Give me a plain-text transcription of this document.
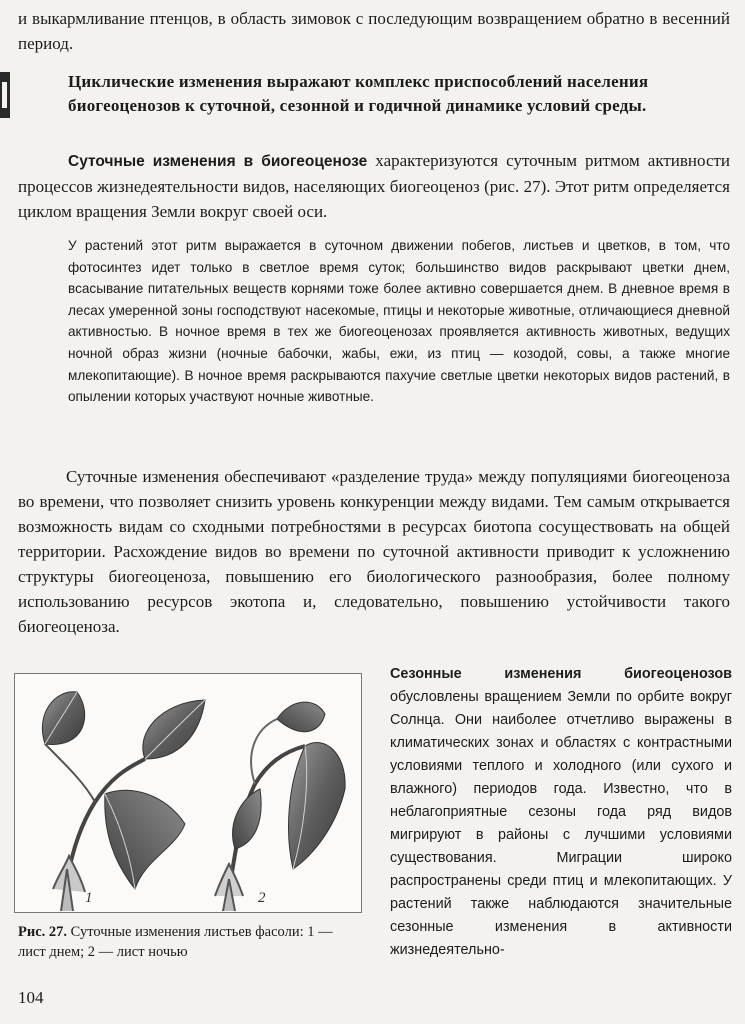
и выкармливание птенцов, в область зимовок с последующим возвращением обратно в весенний период.

Циклические изменения выражают комплекс приспособлений населения биогеоценозов к суточной, сезонной и годичной динамике условий среды.

Суточные изменения в биогеоценозе характеризуются суточным ритмом активности процессов жизнедеятельности видов, населяющих биогеоценоз (рис. 27). Этот ритм определяется циклом вращения Земли вокруг своей оси.

У растений этот ритм выражается в суточном движении побегов, листьев и цветков, в том, что фотосинтез идет только в светлое время суток; большинство видов раскрывают цветки днем, всасывание питательных веществ корнями тоже более активно совершается днем. В дневное время в лесах умеренной зоны господствуют насекомые, птицы и некоторые животные, отличающиеся дневной активностью. В ночное время в тех же биогеоценозах проявляется активность животных, ведущих ночной образ жизни (ночные бабочки, жабы, ежи, из птиц — козодой, совы, а также многие млекопитающие). В ночное время раскрываются пахучие светлые цветки некоторых видов растений, в опылении которых участвуют ночные животные.

Суточные изменения обеспечивают «разделение труда» между популяциями биогеоценоза во времени, что позволяет снизить уровень конкуренции между видами. Тем самым открывается возможность видам со сходными потребностями в ресурсах биотопа сосуществовать на общей территории. Расхождение видов во времени по суточной активности приводит к усложнению структуры биогеоценоза, повышению его биологического разнообразия, более полному использованию ресурсов экотопа и, следовательно, повышению устойчивости такого биогеоценоза.

1	2

Рис. 27. Суточные изменения листьев фасоли: 1 — лист днем; 2 — лист ночью

Сезонные изменения биогеоценозов обусловлены вращением Земли по орбите вокруг Солнца. Они наиболее отчетливо выражены в климатических зонах и областях с контрастными условиями теплого и холодного (или сухого и влажного) периодов года. Известно, что в неблагоприятные сезоны года ряд видов мигрируют в районы с лучшими условиями существования. Миграции широко распространены среди птиц и млекопитающих. У растений также наблюдаются значительные сезонные изменения в активности жизнедеятельно-

104
